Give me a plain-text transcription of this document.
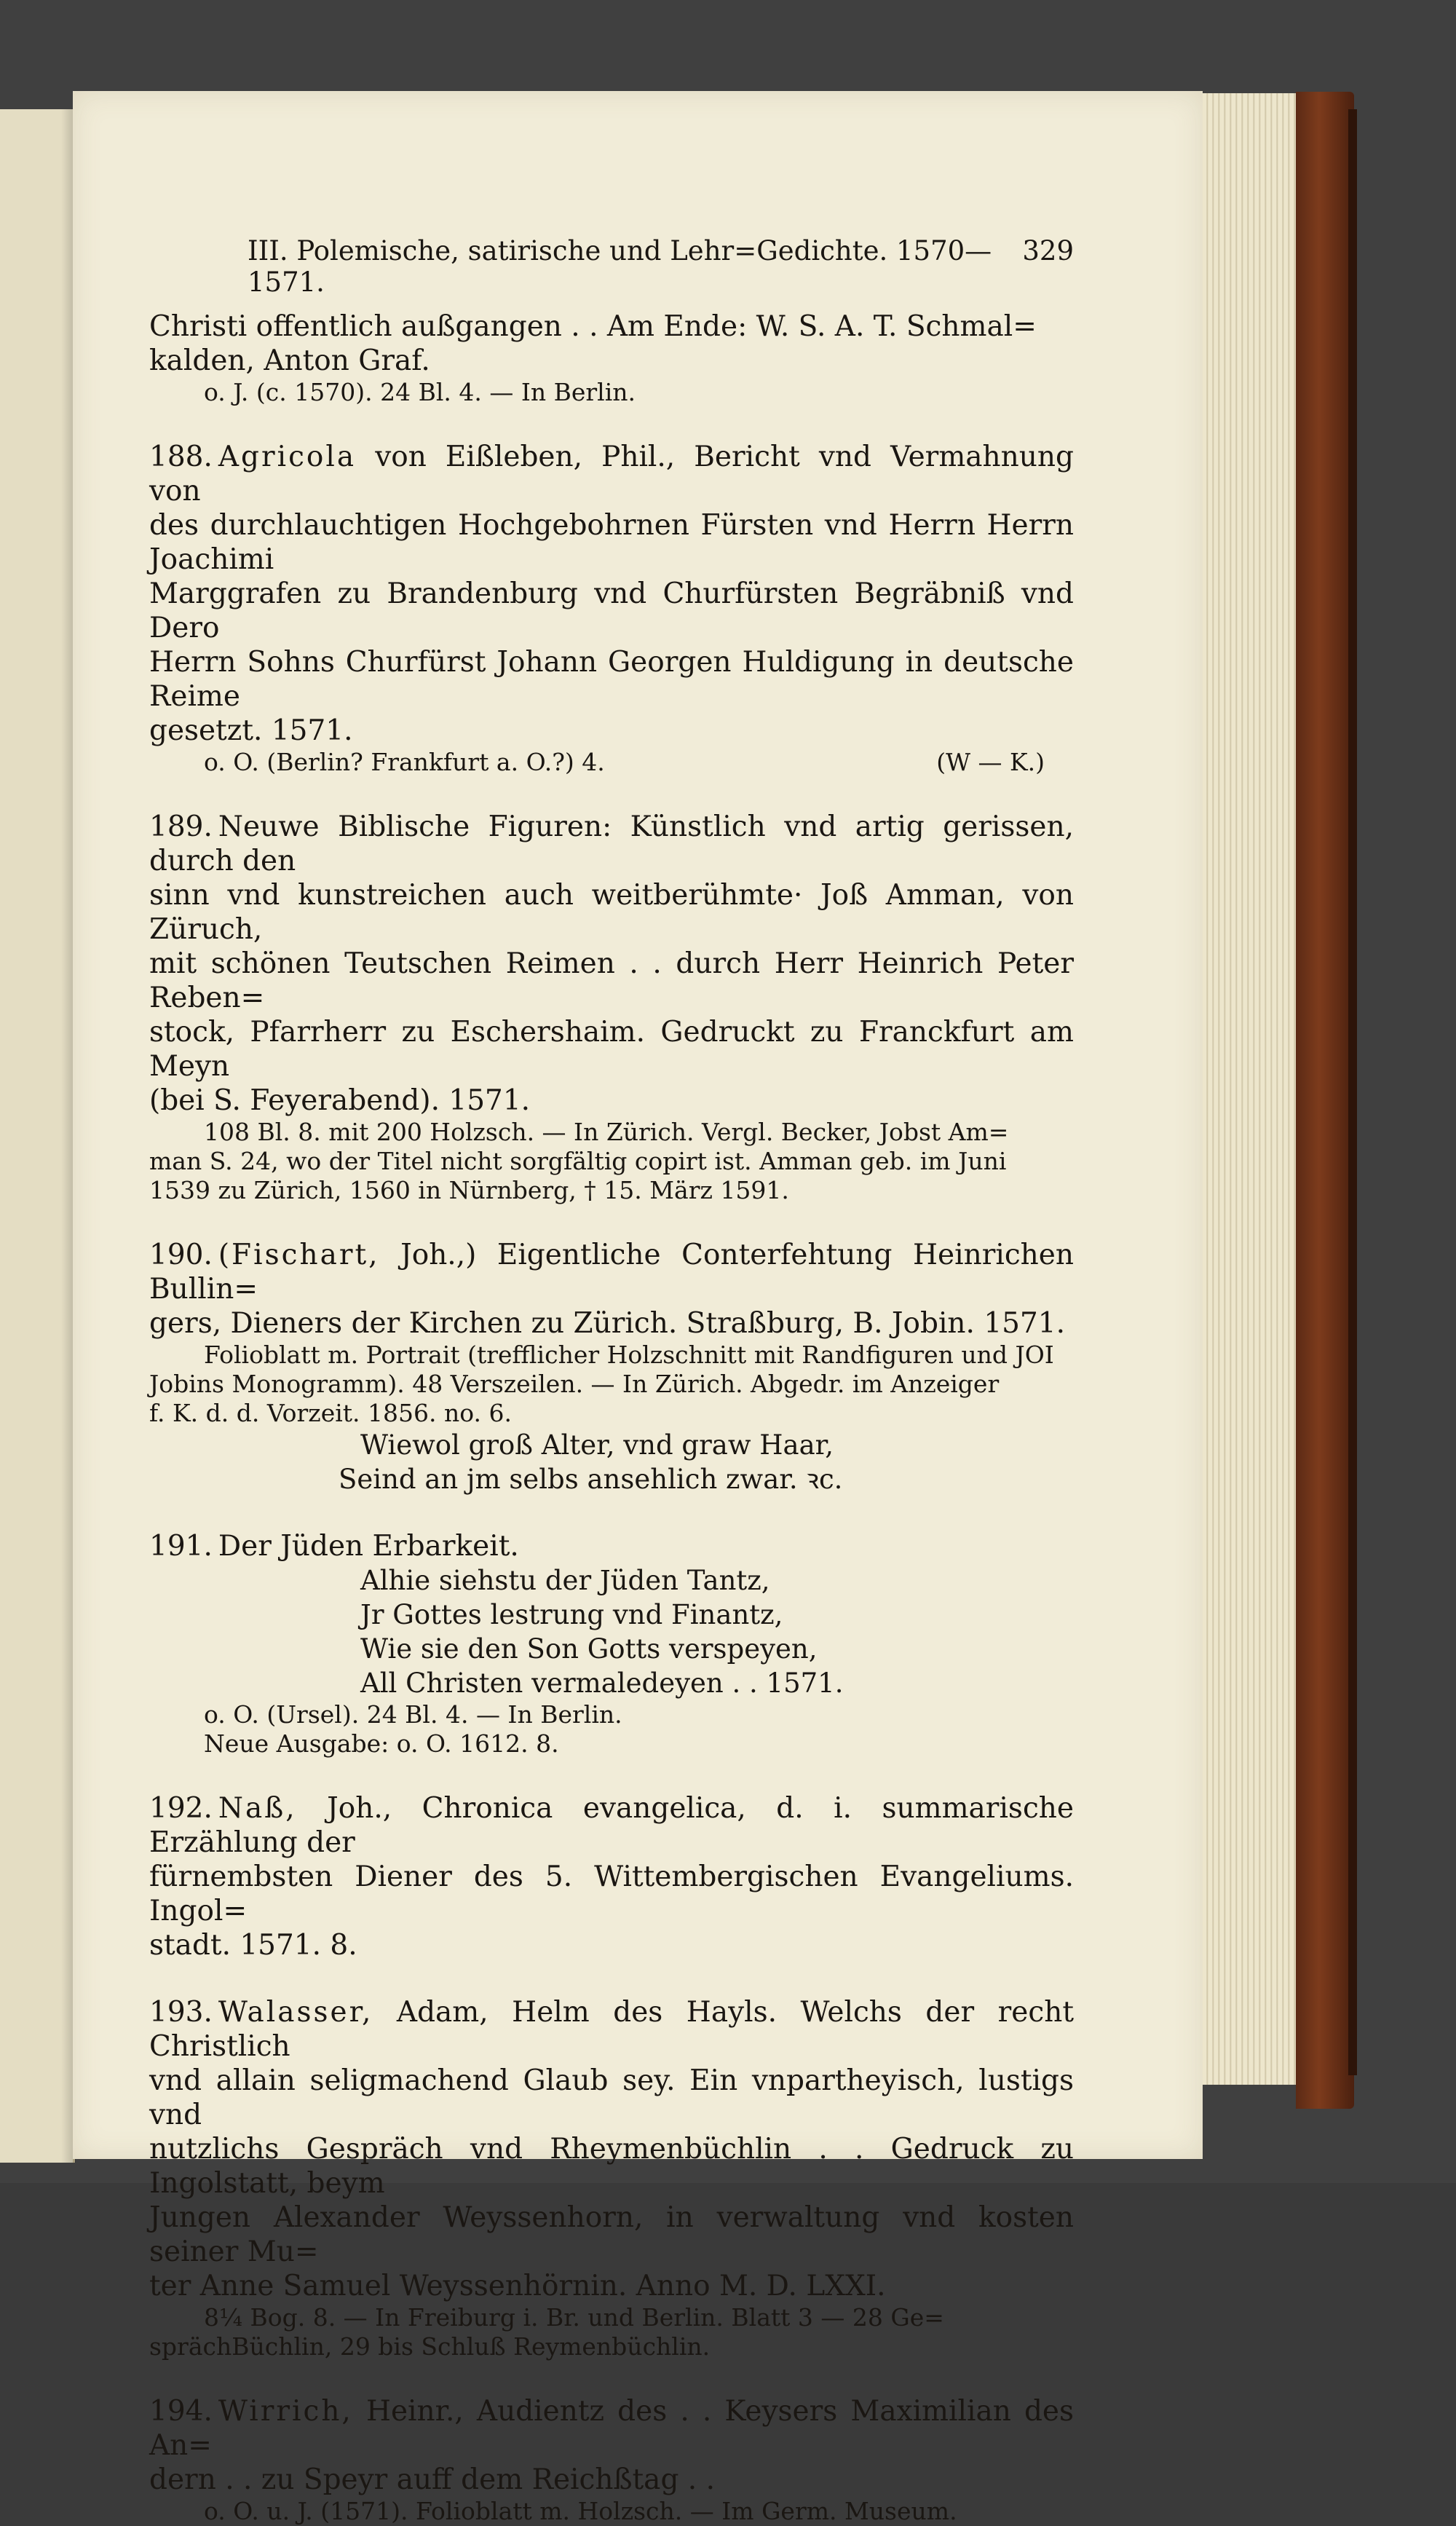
III. Polemische, satirische und Lehr=Gedichte. 1570—1571.
329

Christi offentlich außgangen . . Am Ende: W. S. A. T. Schmal=

kalden, Anton Graf.

o. J. (c. 1570). 24 Bl. 4. — In Berlin.

188. Agricola von Eißleben, Phil., Bericht vnd Vermahnung von

des durchlauchtigen Hochgebohrnen Fürsten vnd Herrn Herrn Joachimi

Marggrafen zu Brandenburg vnd Churfürsten Begräbniß vnd Dero

Herrn Sohns Churfürst Johann Georgen Huldigung in deutsche Reime

gesetzt. 1571.

o. O. (Berlin? Frankfurt a. O.?) 4.	(W — K.)

189. Neuwe Biblische Figuren: Künstlich vnd artig gerissen, durch den

sinn vnd kunstreichen auch weitberühmte· Joß Amman, von Züruch,

mit schönen Teutschen Reimen . . durch Herr Heinrich Peter Reben=

stock, Pfarrherr zu Eschershaim. Gedruckt zu Franckfurt am Meyn

(bei S. Feyerabend). 1571.

108 Bl. 8. mit 200 Holzsch. — In Zürich. Vergl. Becker, Jobst Am=

man S. 24, wo der Titel nicht sorgfältig copirt ist. Amman geb. im Juni

1539 zu Zürich, 1560 in Nürnberg, † 15. März 1591.

190. (Fischart, Joh.,) Eigentliche Conterfehtung Heinrichen Bullin=

gers, Dieners der Kirchen zu Zürich. Straßburg, B. Jobin. 1571.

Folioblatt m. Portrait (trefflicher Holzschnitt mit Randfiguren und JOI

Jobins Monogramm). 48 Verszeilen. — In Zürich. Abgedr. im Anzeiger

f. K. d. d. Vorzeit. 1856. no. 6.

Wiewol groß Alter, vnd graw Haar,

Seind an jm selbs ansehlich zwar. ꝛc.

191. Der Jüden Erbarkeit.

Alhie siehstu der Jüden Tantz,

Jr Gottes lestrung vnd Finantz,

Wie sie den Son Gotts verspeyen,

All Christen vermaledeyen . . 1571.

o. O. (Ursel). 24 Bl. 4. — In Berlin.

Neue Ausgabe: o. O. 1612. 8.

192. Naß, Joh., Chronica evangelica, d. i. summarische Erzählung der

fürnembsten Diener des 5. Wittembergischen Evangeliums. Ingol=

stadt. 1571. 8.

193. Walasser, Adam, Helm des Hayls. Welchs der recht Christlich

vnd allain seligmachend Glaub sey. Ein vnpartheyisch, lustigs vnd

nutzlichs Gespräch vnd Rheymenbüchlin . . Gedruck zu Ingolstatt, beym

Jungen Alexander Weyssenhorn, in verwaltung vnd kosten seiner Mu=

ter Anne Samuel Weyssenhörnin. Anno M. D. LXXI.

8¼ Bog. 8. — In Freiburg i. Br. und Berlin. Blatt 3 — 28 Ge=

sprächBüchlin, 29 bis Schluß Reymenbüchlin.

194. Wirrich, Heinr., Audientz des . . Keysers Maximilian des An=

dern . . zu Speyr auff dem Reichßtag . .

o. O. u. J. (1571). Folioblatt m. Holzsch. — Im Germ. Museum.
